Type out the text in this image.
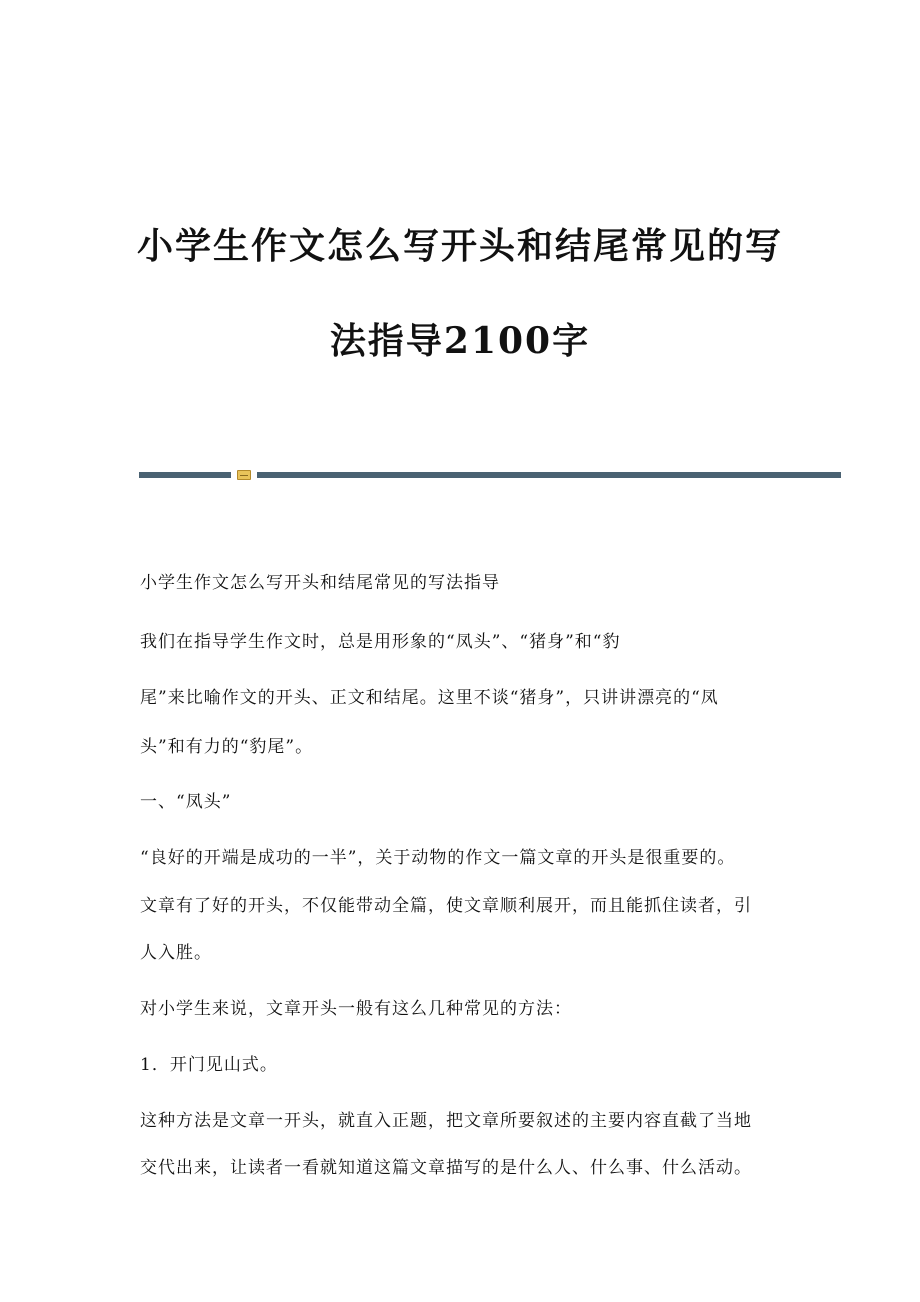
小学生作文怎么写开头和结尾常见的写
法指导2100字
小学生作文怎么写开头和结尾常见的写法指导
我们在指导学生作文时，总是用形象的“凤头”、“猪身”和“豹
尾”来比喻作文的开头、正文和结尾。这里不谈“猪身”，只讲讲漂亮的“凤
头”和有力的“豹尾”。
一、“凤头”
“良好的开端是成功的一半”，关于动物的作文一篇文章的开头是很重要的。
文章有了好的开头，不仅能带动全篇，使文章顺利展开，而且能抓住读者，引
人入胜。
对小学生来说，文章开头一般有这么几种常见的方法：
1．开门见山式。
这种方法是文章一开头，就直入正题，把文章所要叙述的主要内容直截了当地
交代出来，让读者一看就知道这篇文章描写的是什么人、什么事、什么活动。
